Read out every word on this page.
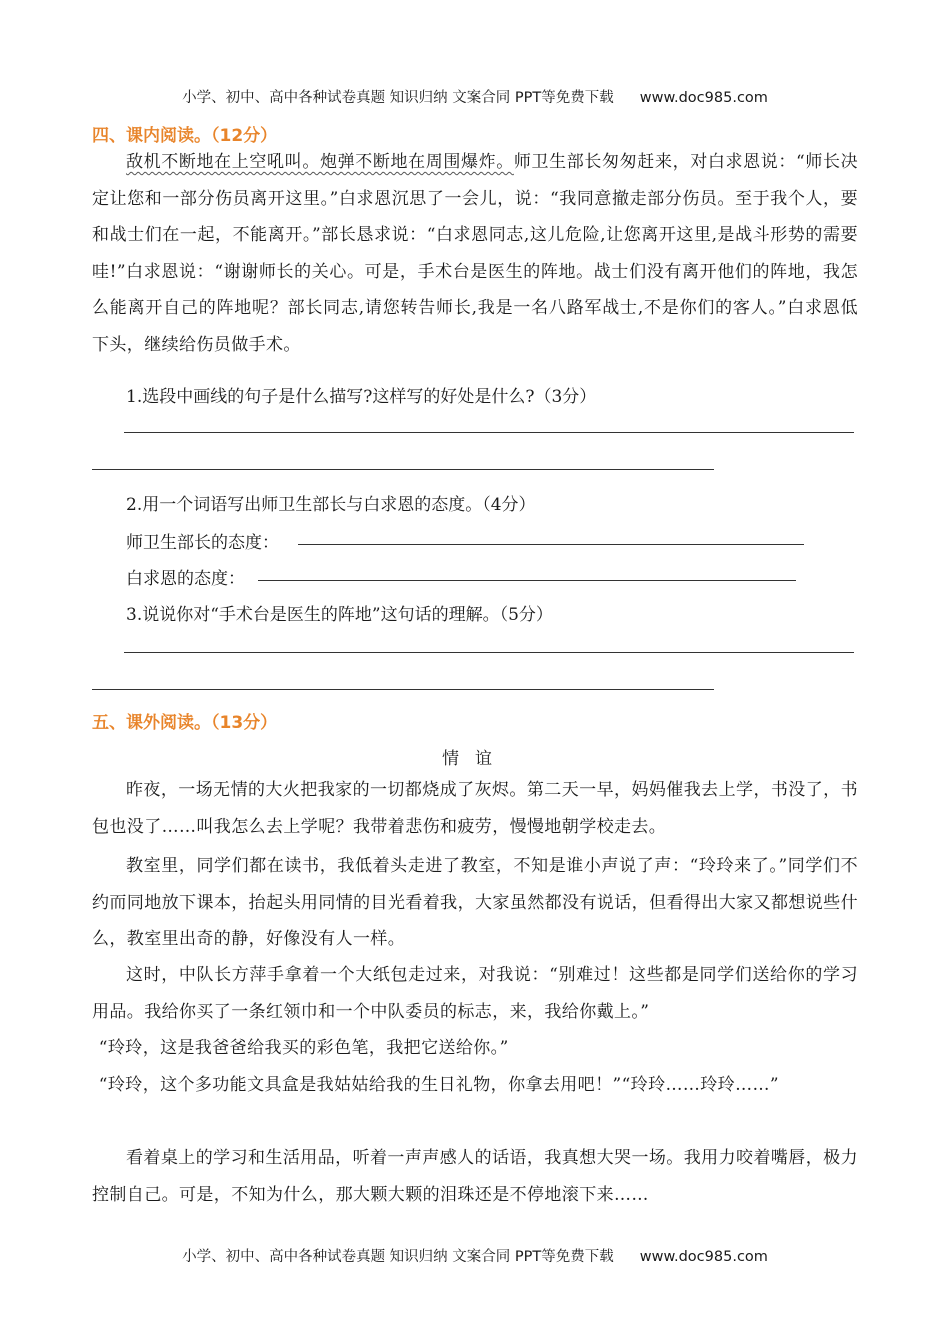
小学、初中、高中各种试卷真题 知识归纳 文案合同 PPT等免费下载 www.doc985.com
四、课内阅读。（12分）

敌机不断地在上空吼叫。炮弹不断地在周围爆炸。师卫生部长匆匆赶来，对白求恩说：“师长决定让您和一部分伤员离开这里。”白求恩沉思了一会儿，说：“我同意撤走部分伤员。至于我个人，要和战士们在一起，不能离开。”部长恳求说：“白求恩同志,这儿危险,让您离开这里,是战斗形势的需要哇!”白求恩说：“谢谢师长的关心。可是，手术台是医生的阵地。战士们没有离开他们的阵地，我怎么能离开自己的阵地呢？部长同志,请您转告师长,我是一名八路军战士,不是你们的客人。”白求恩低下头，继续给伤员做手术。

1.选段中画线的句子是什么描写?这样写的好处是什么?（3分）
2.用一个词语写出师卫生部长与白求恩的态度。（4分）
师卫生部长的态度：
白求恩的态度：
3.说说你对“手术台是医生的阵地”这句话的理解。（5分）
五、课外阅读。（13分）
情谊

昨夜，一场无情的大火把我家的一切都烧成了灰烬。第二天一早，妈妈催我去上学，书没了，书包也没了……叫我怎么去上学呢？我带着悲伤和疲劳，慢慢地朝学校走去。

教室里，同学们都在读书，我低着头走进了教室，不知是谁小声说了声：“玲玲来了。”同学们不约而同地放下课本，抬起头用同情的目光看着我，大家虽然都没有说话，但看得出大家又都想说些什么，教室里出奇的静，好像没有人一样。

这时，中队长方萍手拿着一个大纸包走过来，对我说：“别难过！这些都是同学们送给你的学习用品。我给你买了一条红领巾和一个中队委员的标志，来，我给你戴上。”

“玲玲，这是我爸爸给我买的彩色笔，我把它送给你。”

“玲玲，这个多功能文具盒是我姑姑给我的生日礼物，你拿去用吧！”“玲玲……玲玲……”

看着桌上的学习和生活用品，听着一声声感人的话语，我真想大哭一场。我用力咬着嘴唇，极力控制自己。可是，不知为什么，那大颗大颗的泪珠还是不停地滚下来……

小学、初中、高中各种试卷真题 知识归纳 文案合同 PPT等免费下载 www.doc985.com
